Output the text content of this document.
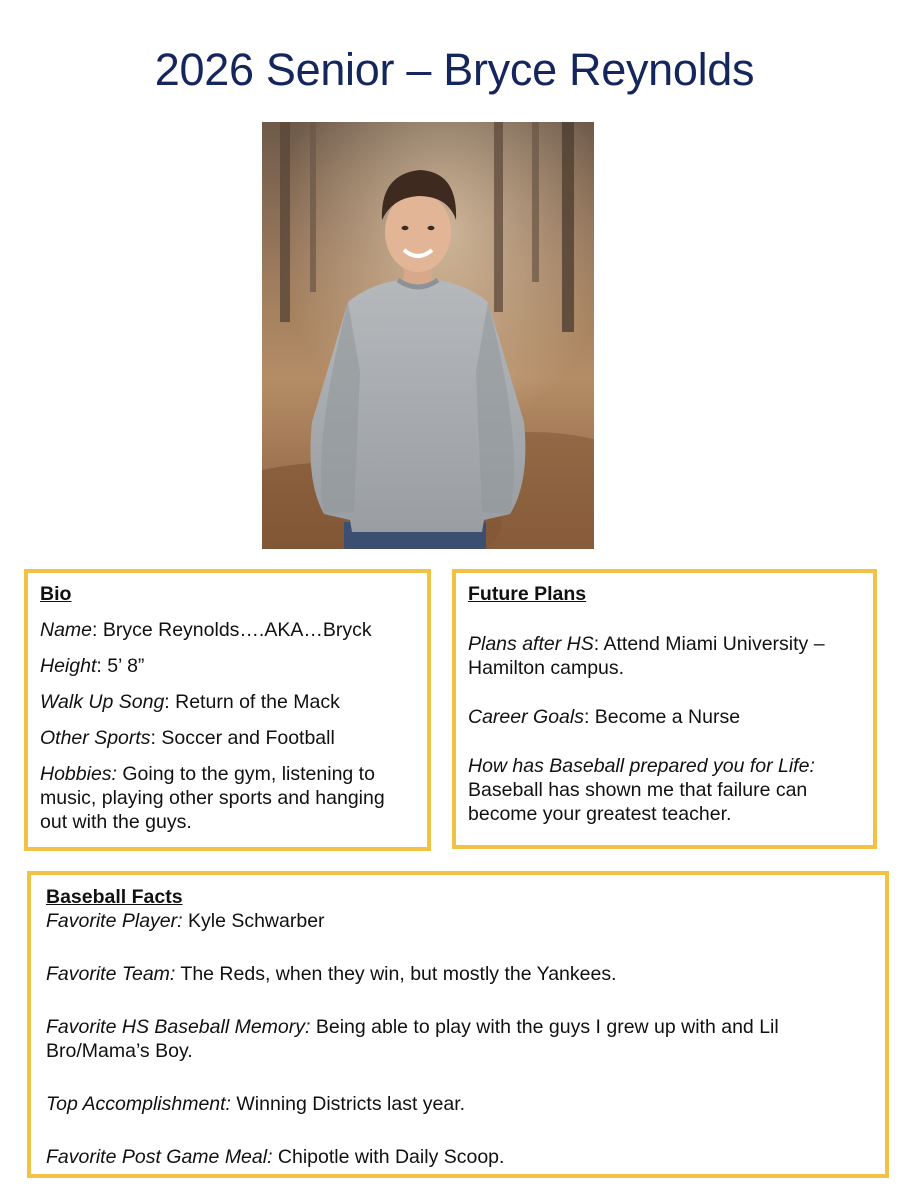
2026 Senior – Bryce Reynolds

Bio

Name: Bryce Reynolds….AKA…Bryck

Height: 5’ 8”

Walk Up Song: Return of the Mack

Other Sports: Soccer and Football

Hobbies: Going to the gym, listening to music, playing other sports and hanging out with the guys.

Future Plans

Plans after HS: Attend Miami University – Hamilton campus.

Career Goals: Become a Nurse

How has Baseball prepared you for Life:

Baseball has shown me that failure can become your greatest teacher.

Baseball Facts

Favorite Player: Kyle Schwarber

Favorite Team: The Reds, when they win, but mostly the Yankees.

Favorite HS Baseball Memory: Being able to play with the guys I grew up with and Lil Bro/Mama’s Boy.

Top Accomplishment: Winning Districts last year.

Favorite Post Game Meal: Chipotle with Daily Scoop.
